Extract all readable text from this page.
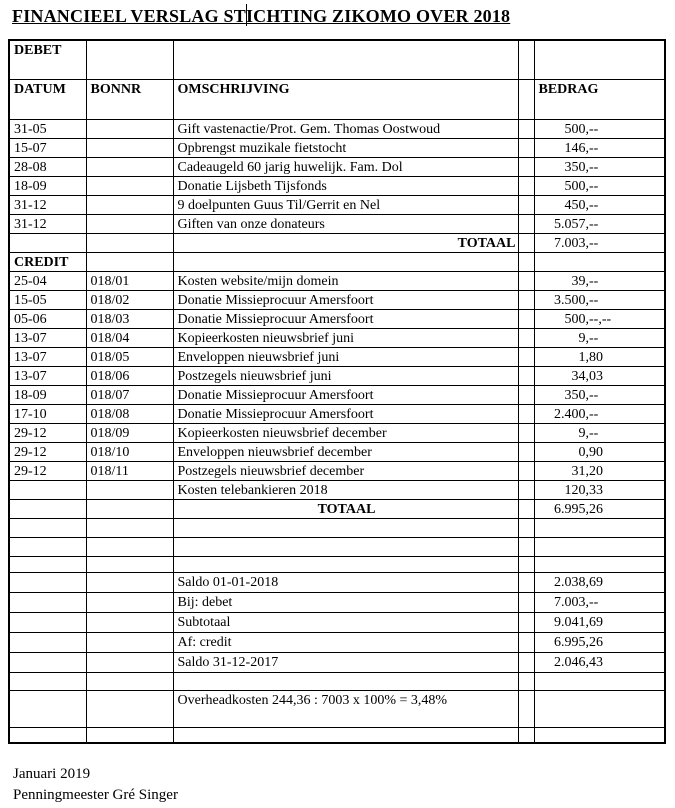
FINANCIEEL VERSLAG STICHTING ZIKOMO OVER 2018
DEBET				
DATUM	BONNR	OMSCHRIJVING		BEDRAG
31-05		Gift vastenactie/Prot. Gem. Thomas Oostwoud		500,--
15-07		Opbrengst muzikale fietstocht		146,--
28-08		Cadeaugeld 60 jarig huwelijk. Fam. Dol		350,--
18-09		Donatie Lijsbeth Tijsfonds		500,--
31-12		9 doelpunten Guus Til/Gerrit en Nel		450,--
31-12		Giften van onze donateurs		5.057,--
		TOTAAL		7.003,--
CREDIT				
25-04	018/01	Kosten website/mijn domein		39,--
15-05	018/02	Donatie Missieprocuur Amersfoort		3.500,--
05-06	018/03	Donatie Missieprocuur Amersfoort		500,--,--
13-07	018/04	Kopieerkosten nieuwsbrief juni		9,--
13-07	018/05	Enveloppen nieuwsbrief juni		1,80
13-07	018/06	Postzegels nieuwsbrief juni		34,03
18-09	018/07	Donatie Missieprocuur Amersfoort		350,--
17-10	018/08	Donatie Missieprocuur Amersfoort		2.400,--
29-12	018/09	Kopieerkosten nieuwsbrief december		9,--
29-12	018/10	Enveloppen nieuwsbrief december		0,90
29-12	018/11	Postzegels nieuwsbrief december		31,20
		Kosten telebankieren 2018		120,33
		TOTAAL		6.995,26

		Saldo 01-01-2018		2.038,69
		Bij: debet		7.003,--
		Subtotaal		9.041,69
		Af: credit		6.995,26
		Saldo 31-12-2017		2.046,43

		Overheadkosten 244,36 : 7003 x 100% = 3,48%		

Januari 2019
Penningmeester Gré Singer
